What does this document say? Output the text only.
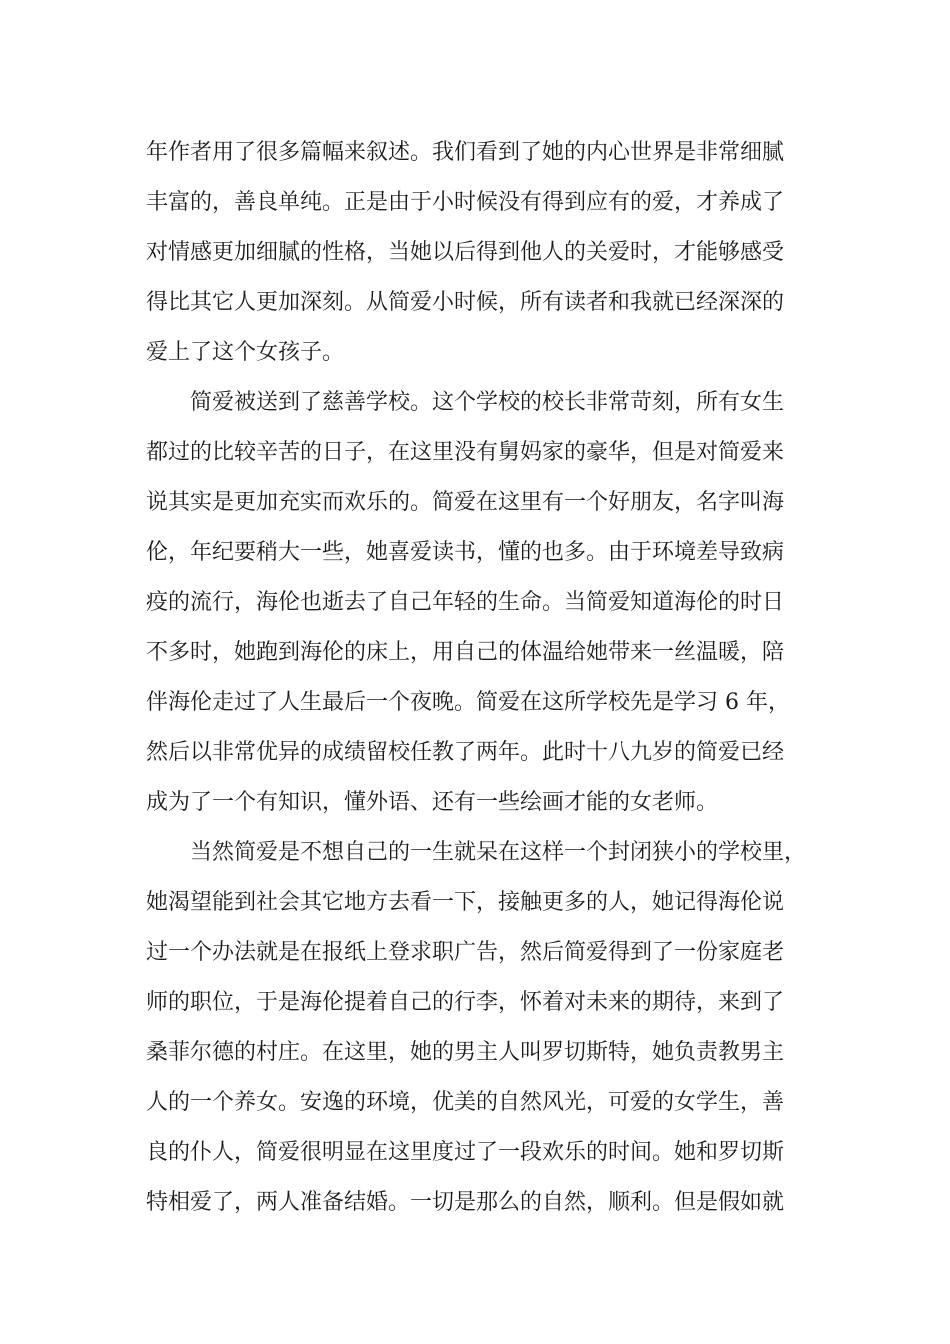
年作者用了很多篇幅来叙述。我们看到了她的内心世界是非常细腻
丰富的，善良单纯。正是由于小时候没有得到应有的爱，才养成了
对情感更加细腻的性格，当她以后得到他人的关爱时，才能够感受
得比其它人更加深刻。从简爱小时候，所有读者和我就已经深深的
爱上了这个女孩子。
简爱被送到了慈善学校。这个学校的校长非常苛刻，所有女生
都过的比较辛苦的日子，在这里没有舅妈家的豪华，但是对简爱来
说其实是更加充实而欢乐的。简爱在这里有一个好朋友，名字叫海
伦，年纪要稍大一些，她喜爱读书，懂的也多。由于环境差导致病
疫的流行，海伦也逝去了自己年轻的生命。当简爱知道海伦的时日
不多时，她跑到海伦的床上，用自己的体温给她带来一丝温暖，陪
伴海伦走过了人生最后一个夜晚。简爱在这所学校先是学习 6 年，
然后以非常优异的成绩留校任教了两年。此时十八九岁的简爱已经
成为了一个有知识，懂外语、还有一些绘画才能的女老师。
当然简爱是不想自己的一生就呆在这样一个封闭狭小的学校里，
她渴望能到社会其它地方去看一下，接触更多的人，她记得海伦说
过一个办法就是在报纸上登求职广告，然后简爱得到了一份家庭老
师的职位，于是海伦提着自己的行李，怀着对未来的期待，来到了
桑菲尔德的村庄。在这里，她的男主人叫罗切斯特，她负责教男主
人的一个养女。安逸的环境，优美的自然风光，可爱的女学生，善
良的仆人，简爱很明显在这里度过了一段欢乐的时间。她和罗切斯
特相爱了，两人准备结婚。一切是那么的自然，顺利。但是假如就
